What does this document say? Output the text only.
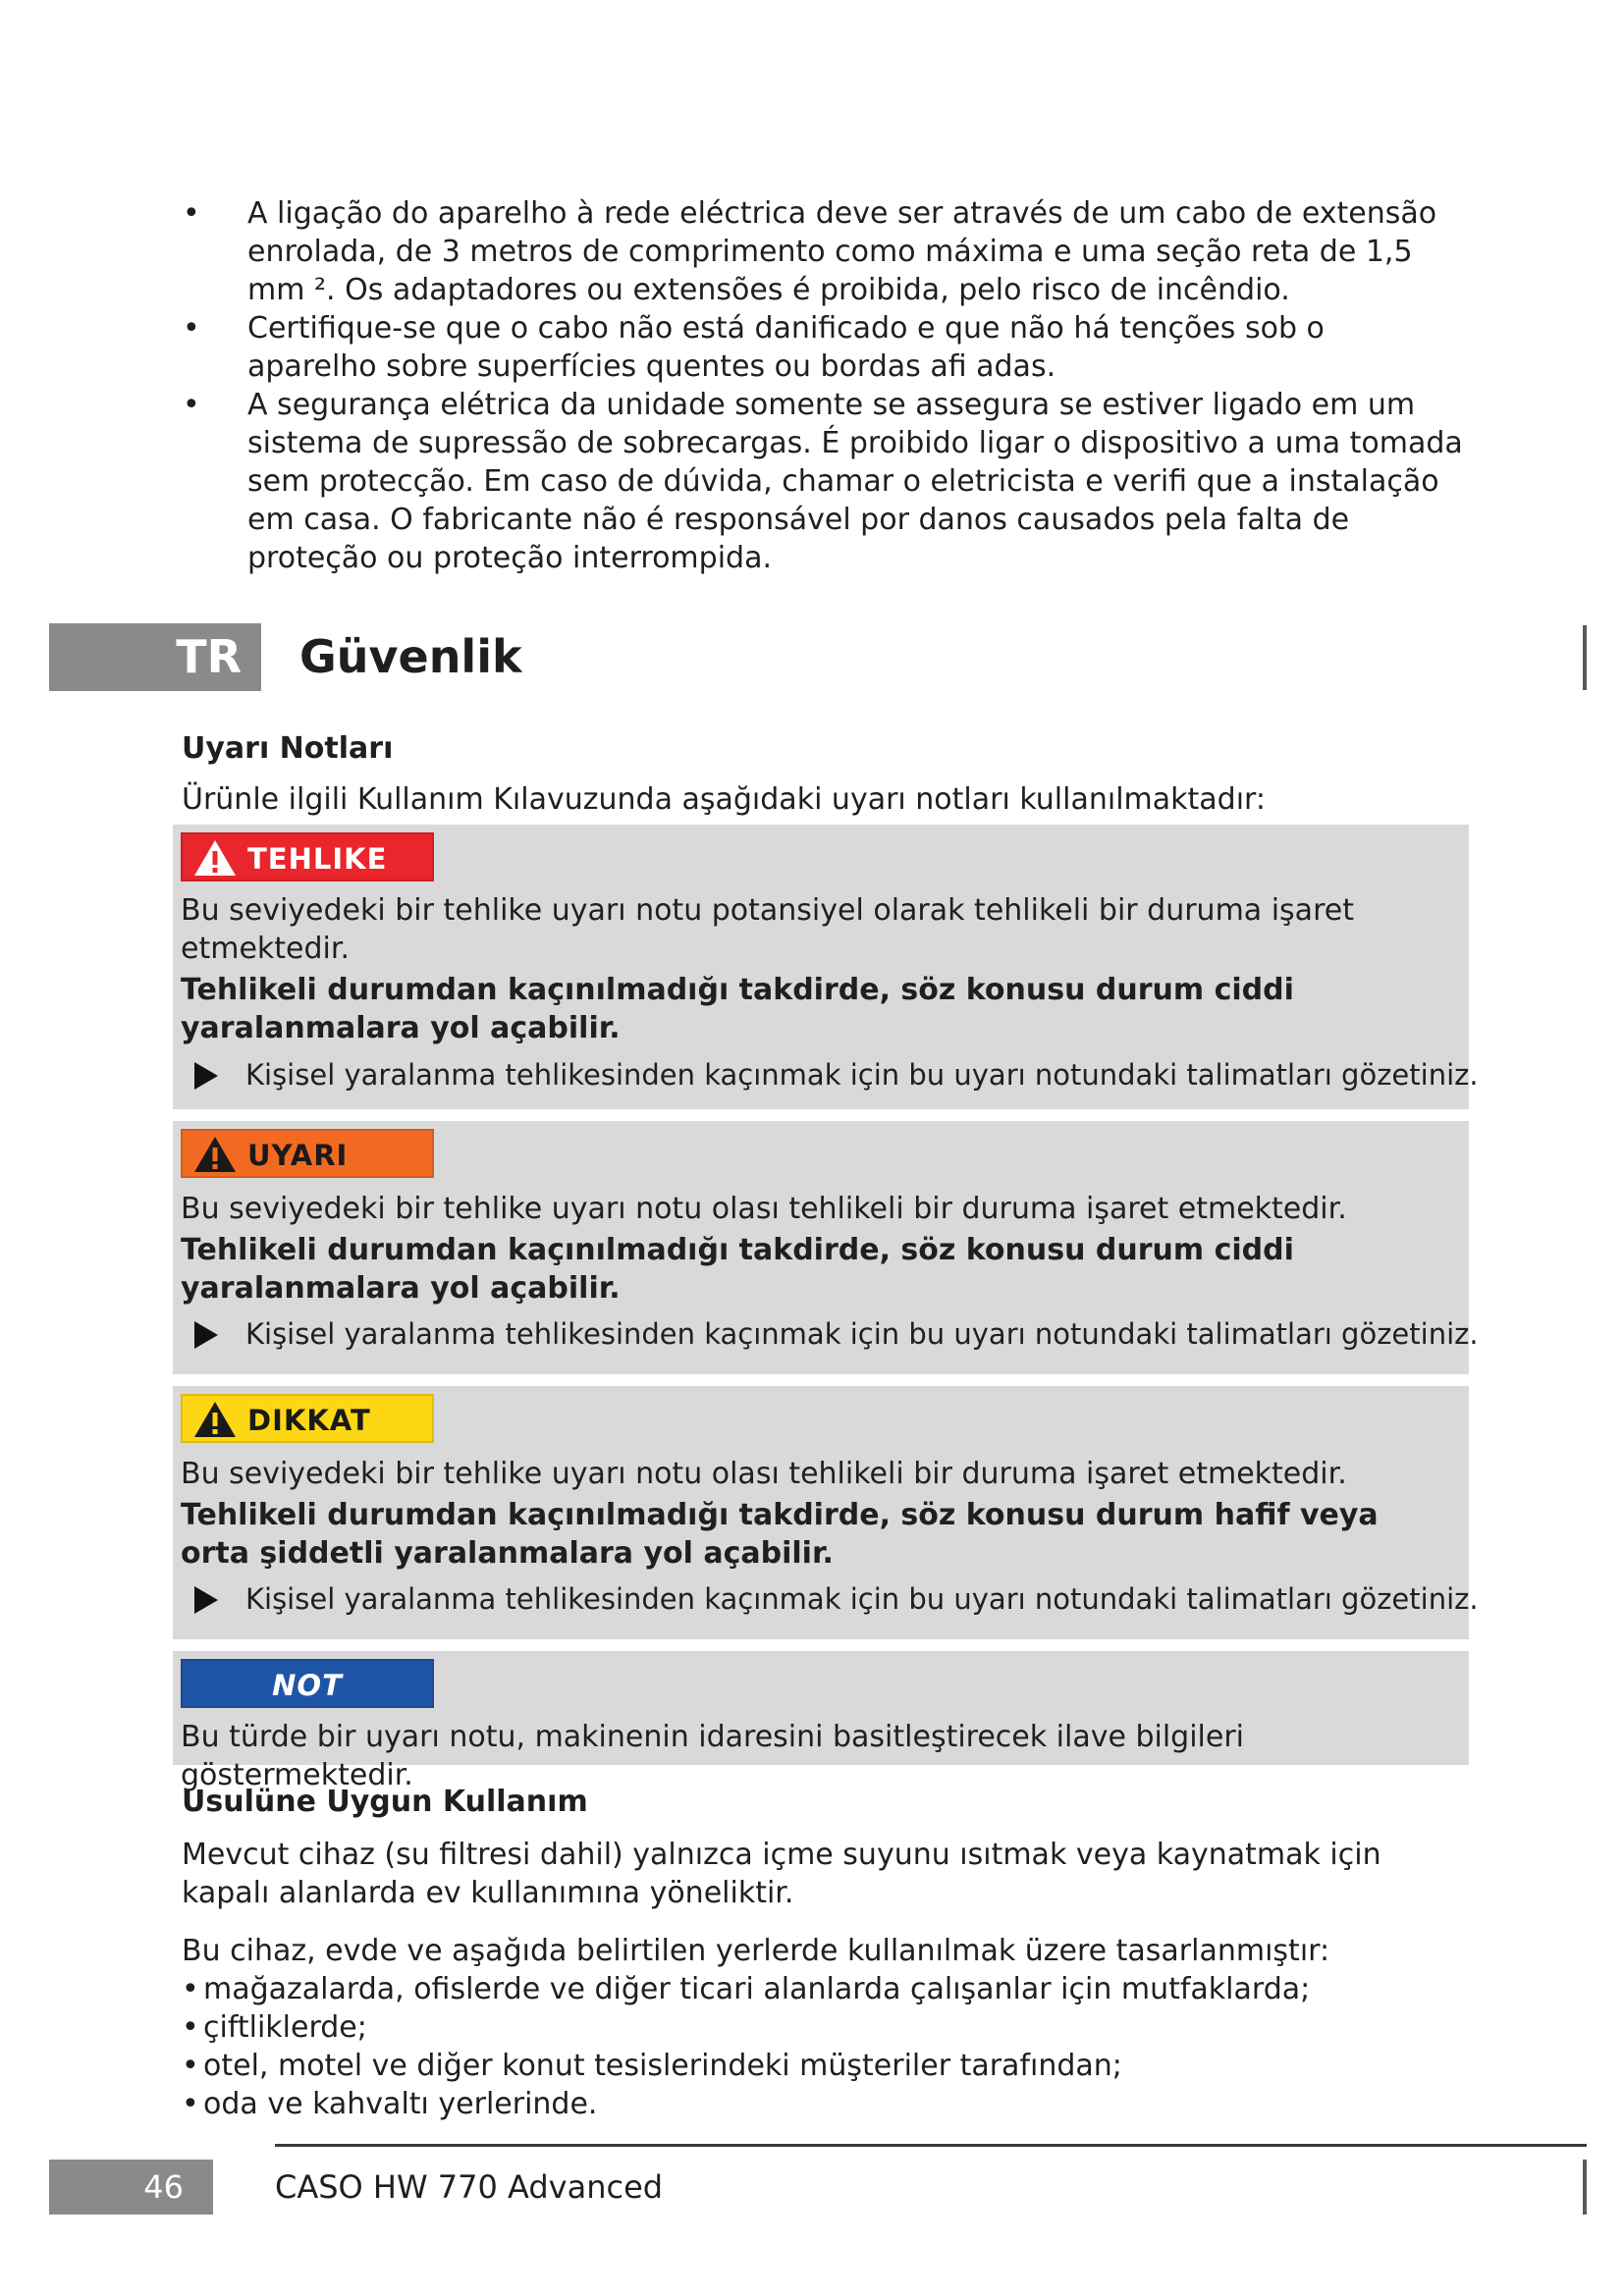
• A ligação do aparelho à rede eléctrica deve ser através de um cabo de extensão enrolada, de 3 metros de comprimento como máxima e uma seção reta de 1,5 mm ². Os adaptadores ou extensões é proibida, pelo risco de incêndio.
• Certifique-se que o cabo não está danificado e que não há tenções sob o aparelho sobre superfícies quentes ou bordas afi adas.
• A segurança elétrica da unidade somente se assegura se estiver ligado em um sistema de supressão de sobrecargas. É proibido ligar o dispositivo a uma tomada sem protecção. Em caso de dúvida, chamar o eletricista e verifi que a instalação em casa. O fabricante não é responsável por danos causados pela falta de proteção ou proteção interrompida.
TR Güvenlik
Uyarı Notları
Ürünle ilgili Kullanım Kılavuzunda aşağıdaki uyarı notları kullanılmaktadır:
TEHLIKE
Bu seviyedeki bir tehlike uyarı notu potansiyel olarak tehlikeli bir duruma işaret etmektedir.
Tehlikeli durumdan kaçınılmadığı takdirde, söz konusu durum ciddi yaralanmalara yol açabilir.
Kişisel yaralanma tehlikesinden kaçınmak için bu uyarı notundaki talimatları gözetiniz.
UYARI
Bu seviyedeki bir tehlike uyarı notu olası tehlikeli bir duruma işaret etmektedir.
Tehlikeli durumdan kaçınılmadığı takdirde, söz konusu durum ciddi yaralanmalara yol açabilir.
Kişisel yaralanma tehlikesinden kaçınmak için bu uyarı notundaki talimatları gözetiniz.
DIKKAT
Bu seviyedeki bir tehlike uyarı notu olası tehlikeli bir duruma işaret etmektedir.
Tehlikeli durumdan kaçınılmadığı takdirde, söz konusu durum hafif veya orta şiddetli yaralanmalara yol açabilir.
Kişisel yaralanma tehlikesinden kaçınmak için bu uyarı notundaki talimatları gözetiniz.
NOT
Bu türde bir uyarı notu, makinenin idaresini basitleştirecek ilave bilgileri göstermektedir.
Usulüne Uygun Kullanım
Mevcut cihaz (su filtresi dahil) yalnızca içme suyunu ısıtmak veya kaynatmak için kapalı alanlarda ev kullanımına yöneliktir.
Bu cihaz, evde ve aşağıda belirtilen yerlerde kullanılmak üzere tasarlanmıştır:
• mağazalarda, ofislerde ve diğer ticari alanlarda çalışanlar için mutfaklarda;
• çiftliklerde;
• otel, motel ve diğer konut tesislerindeki müşteriler tarafından;
• oda ve kahvaltı yerlerinde.
46	CASO HW 770 Advanced
